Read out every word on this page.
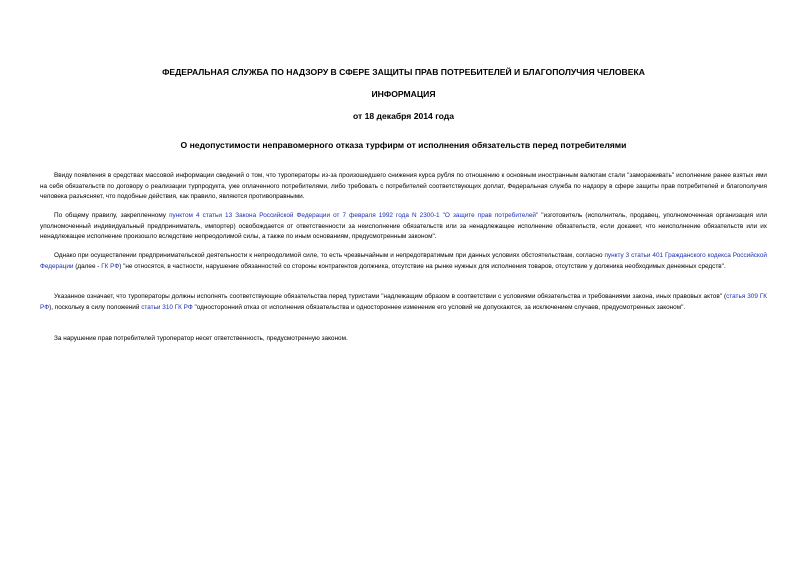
ФЕДЕРАЛЬНАЯ СЛУЖБА ПО НАДЗОРУ В СФЕРЕ ЗАЩИТЫ ПРАВ ПОТРЕБИТЕЛЕЙ И БЛАГОПОЛУЧИЯ ЧЕЛОВЕКА

ИНФОРМАЦИЯ

от 18 декабря 2014 года

О недопустимости неправомерного отказа турфирм от исполнения обязательств перед потребителями

Ввиду появления в средствах массовой информации сведений о том, что туроператоры из-за произошедшего снижения курса рубля по отношению к основным иностранным валютам стали "замораживать" исполнение ранее взятых ими на себя обязательств по договору о реализации турпродукта, уже оплаченного потребителями, либо требовать с потребителей соответствующих доплат, Федеральная служба по надзору в сфере защиты прав потребителей и благополучия человека разъясняет, что подобные действия, как правило, являются противоправными.

По общему правилу, закрепленному пунктом 4 статьи 13 Закона Российской Федерации от 7 февраля 1992 года N 2300-1 "О защите прав потребителей" "изготовитель (исполнитель, продавец, уполномоченная организация или уполномоченный индивидуальный предприниматель, импортер) освобождается от ответственности за неисполнение обязательств или за ненадлежащее исполнение обязательств, если докажет, что неисполнение обязательств или их ненадлежащее исполнение произошло вследствие непреодолимой силы, а также по иным основаниям, предусмотренным законом".

Однако при осуществлении предпринимательской деятельности к непреодолимой силе, то есть чрезвычайным и непредотвратимым при данных условиях обстоятельствам, согласно пункту 3 статьи 401 Гражданского кодекса Российской Федерации (далее - ГК РФ) "не относятся, в частности, нарушение обязанностей со стороны контрагентов должника, отсутствие на рынке нужных для исполнения товаров, отсутствие у должника необходимых денежных средств".

Указанное означает, что туроператоры должны исполнять соответствующие обязательства перед туристами "надлежащим образом в соответствии с условиями обязательства и требованиями закона, иных правовых актов" (статья 309 ГК РФ), поскольку в силу положений статьи 310 ГК РФ "односторонний отказ от исполнения обязательства и одностороннее изменение его условий не допускаются, за исключением случаев, предусмотренных законом".

За нарушение прав потребителей туроператор несет ответственность, предусмотренную законом.
